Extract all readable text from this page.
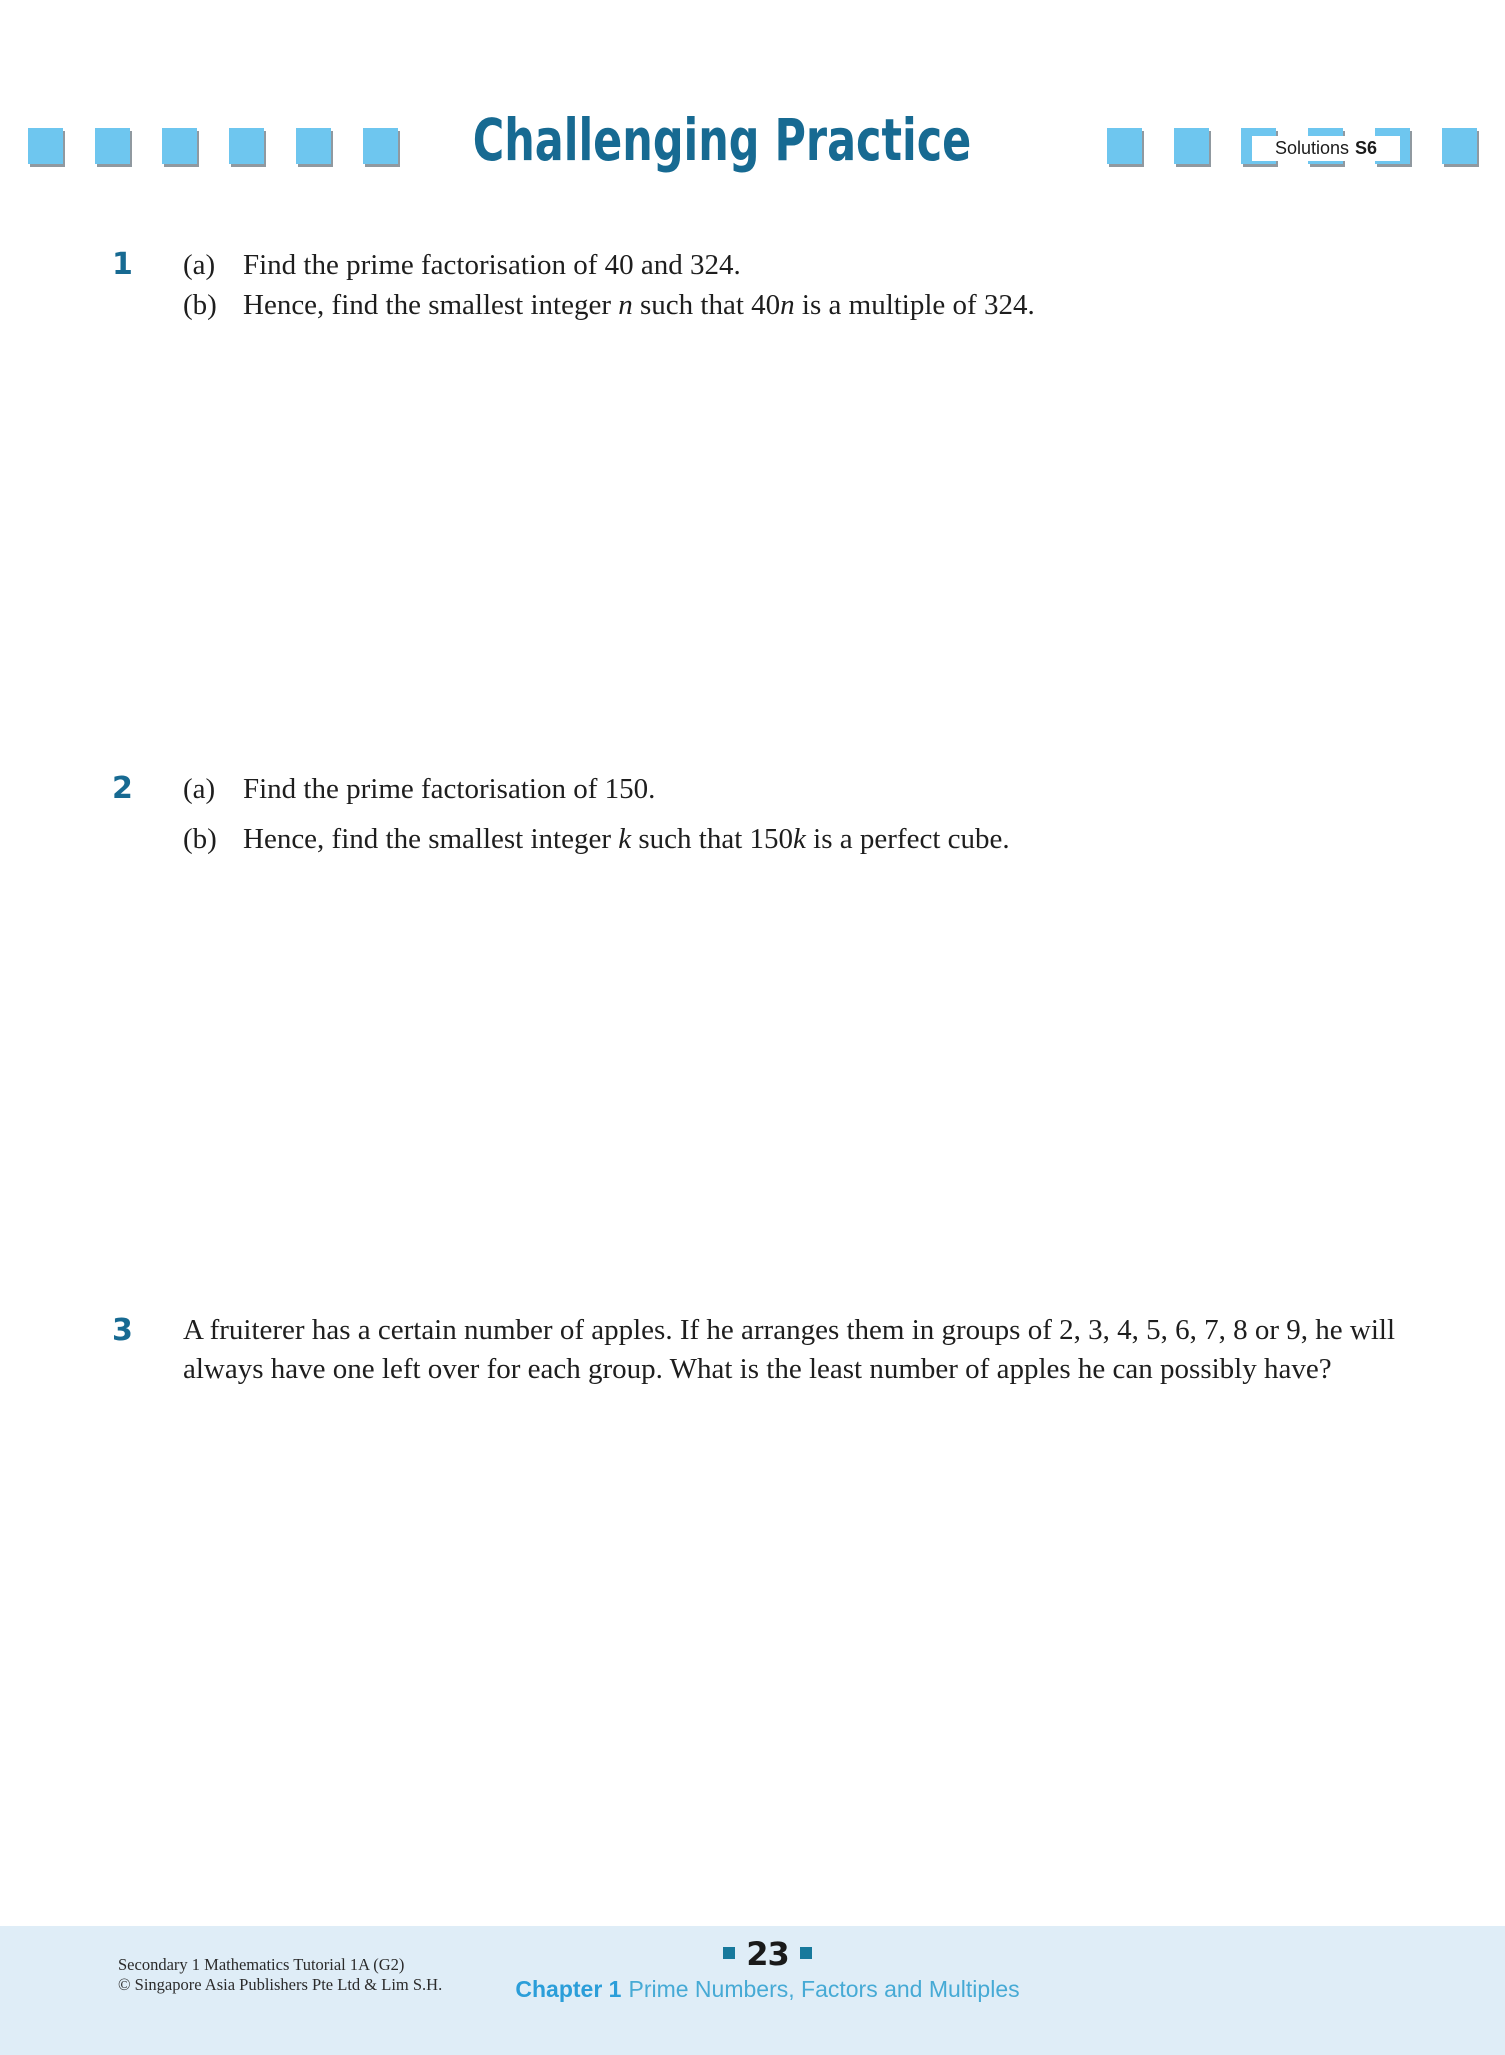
Challenging Practice	Solutions S6
1 (a) Find the prime factorisation of 40 and 324.
(b) Hence, find the smallest integer n such that 40n is a multiple of 324.
2 (a) Find the prime factorisation of 150.
(b) Hence, find the smallest integer k such that 150k is a perfect cube.
3 A fruiterer has a certain number of apples. If he arranges them in groups of 2, 3, 4, 5, 6, 7, 8 or 9, he will always have one left over for each group. What is the least number of apples he can possibly have?
Secondary 1 Mathematics Tutorial 1A (G2)
© Singapore Asia Publishers Pte Ltd & Lim S.H.
23
Chapter 1 Prime Numbers, Factors and Multiples
